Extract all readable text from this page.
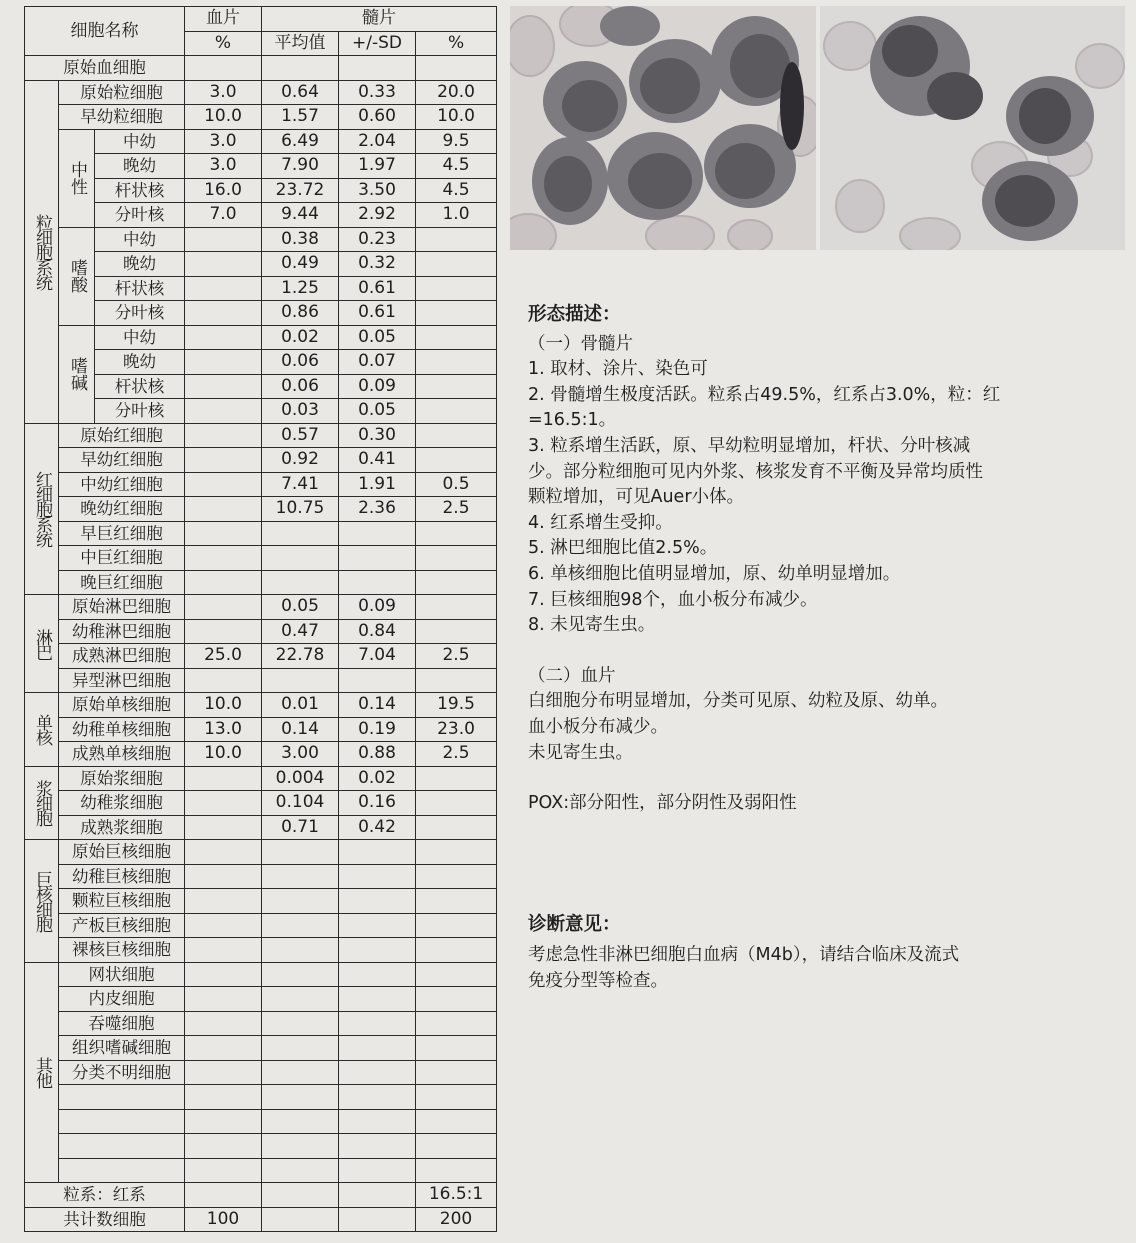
细胞名称			血片	髓片		
			%	平均值	+/-SD	%
原始血细胞						
粒细胞系统	原始粒细胞		3.0	0.64	0.33	20.0
	早幼粒细胞		10.0	1.57	0.60	10.0
	中性	中幼	3.0	6.49	2.04	9.5
		晚幼	3.0	7.90	1.97	4.5
		杆状核	16.0	23.72	3.50	4.5
		分叶核	7.0	9.44	2.92	1.0
	嗜酸	中幼		0.38	0.23	
		晚幼		0.49	0.32	
		杆状核		1.25	0.61	
		分叶核		0.86	0.61	
	嗜碱	中幼		0.02	0.05	
		晚幼		0.06	0.07	
		杆状核		0.06	0.09	
		分叶核		0.03	0.05	
红细胞系统	原始红细胞			0.57	0.30	
	早幼红细胞			0.92	0.41	
	中幼红细胞			7.41	1.91	0.5
	晚幼红细胞			10.75	2.36	2.5
	早巨红细胞					
	中巨红细胞					
	晚巨红细胞					
淋巴	原始淋巴细胞			0.05	0.09	
	幼稚淋巴细胞			0.47	0.84	
	成熟淋巴细胞		25.0	22.78	7.04	2.5
	异型淋巴细胞					
单核	原始单核细胞		10.0	0.01	0.14	19.5
	幼稚单核细胞		13.0	0.14	0.19	23.0
	成熟单核细胞		10.0	3.00	0.88	2.5
浆细胞	原始浆细胞			0.004	0.02	
	幼稚浆细胞			0.104	0.16	
	成熟浆细胞			0.71	0.42	
巨核细胞	原始巨核细胞					
	幼稚巨核细胞					
	颗粒巨核细胞					
	产板巨核细胞					
	裸核巨核细胞					
其他	网状细胞					
	内皮细胞					
	吞噬细胞					
	组织嗜碱细胞					
	分类不明细胞					

粒系：红系						16.5:1
共计数细胞			100			200
形态描述：
（一）骨髓片
1. 取材、涂片、染色可
2. 骨髓增生极度活跃。粒系占49.5%，红系占3.0%，粒：红
=16.5:1。
3. 粒系增生活跃，原、早幼粒明显增加，杆状、分叶核减
少。部分粒细胞可见内外浆、核浆发育不平衡及异常均质性
颗粒增加，可见Auer小体。
4. 红系增生受抑。
5. 淋巴细胞比值2.5%。
6. 单核细胞比值明显增加，原、幼单明显增加。
7. 巨核细胞98个，血小板分布减少。
8. 未见寄生虫。
（二）血片
白细胞分布明显增加，分类可见原、幼粒及原、幼单。
血小板分布减少。
未见寄生虫。
POX:部分阳性，部分阴性及弱阳性
诊断意见：
考虑急性非淋巴细胞白血病（M4b），请结合临床及流式
免疫分型等检查。
